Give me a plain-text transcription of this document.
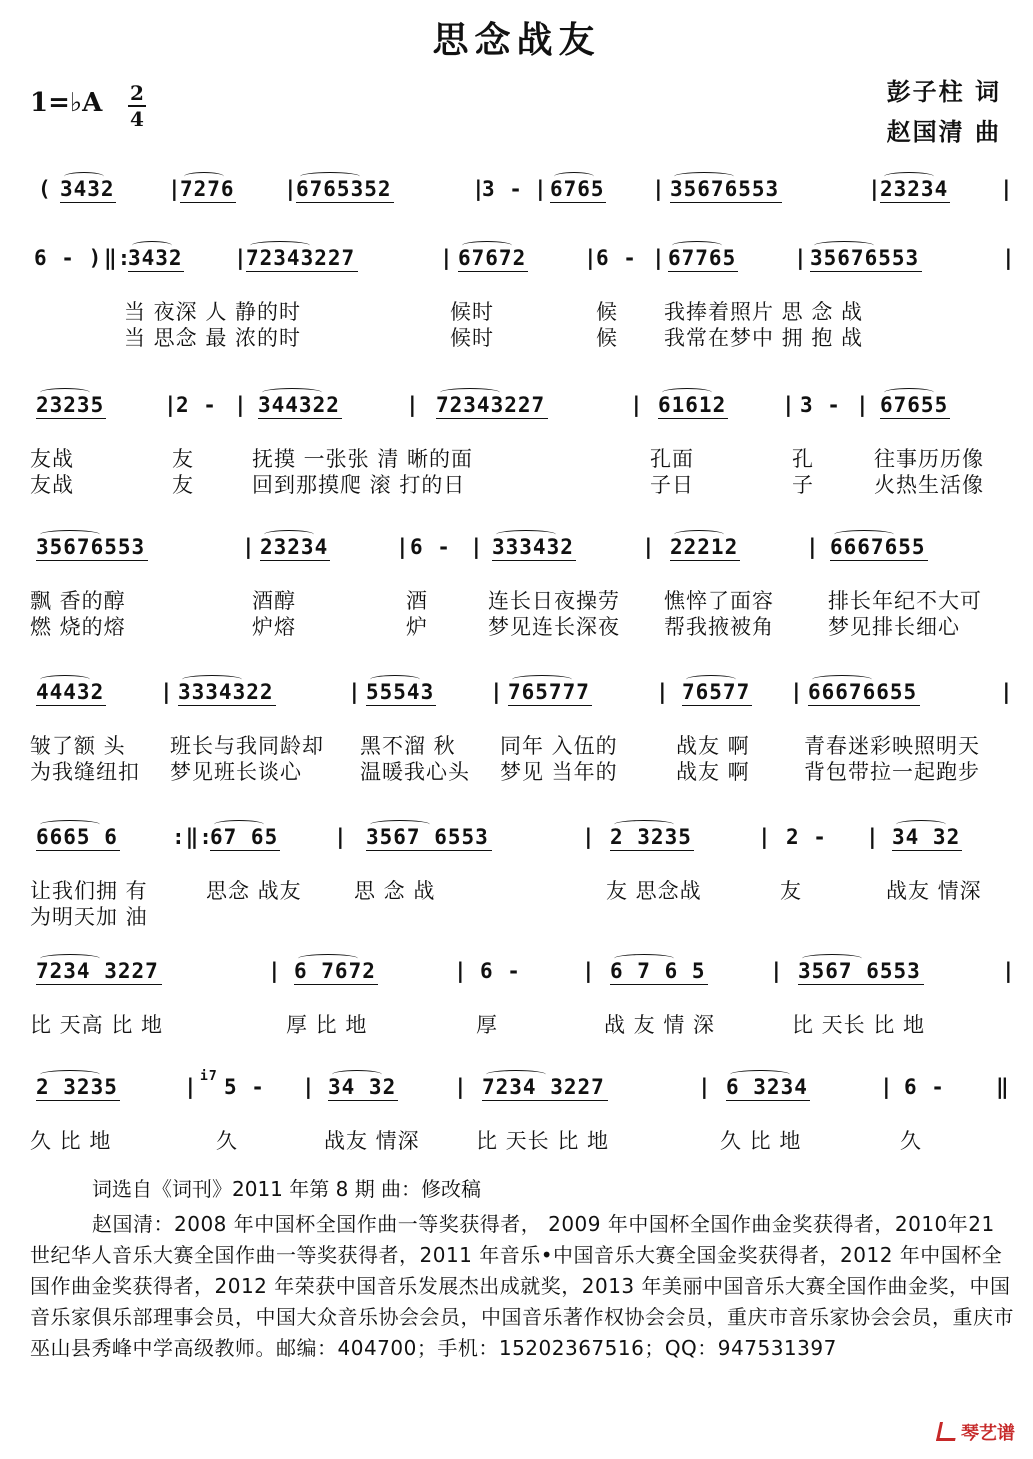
思念战友
1=♭A 2
4
彭子柱 词
赵国清 曲
( 3432	|
7276 |
6765352	|
3 - | 6765 | 35676553	|
23234 |
6 - ) ‖:
3432 |
72343227	| 67672	|
6 - | 67765	| 35676553	|
当 夜深 人 静的时	候时	候 我捧着照片 思 念 战
当 思念 最 浓的时	候时	候 我常在梦中 拥 抱 战
23235	|
2 - | 344322	| 72343227	| 61612	| 3 - | 67655
友战	友	抚摸 一张张 清 晰的面	孔面	孔	往事历历像
友战	友	回到那摸爬 滚 打的日	子日	子	火热生活像
35676553	| 23234	| 6 - | 333432	| 22212	| 6667655
飘 香的醇	酒醇	酒	连长日夜操劳 憔悴了面容	排长年纪不大可
燃 烧的熔	炉熔	炉	梦见连长深夜 帮我掖被角	梦见排长细心
44432	| 3334322	| 55543	| 765777	| 76577 | 66676655	|
皱了额 头 班长与我同龄却 黑不溜 秋 同年 入伍的	战友 啊	青春迷彩映照明天
为我缝纽扣 梦见班长谈心	温暖我心头 梦见 当年的	战友 啊	背包带拉一起跑步
6665 6	:‖:
67 65	| 3567 6553	| 2 3235	| 2 - | 34 32
让我们拥 有	思念 战友 思 念 战	友 思念战	友	战友 情深
为明天加 油
7234 3227	| 6 7672	| 6 -	| 6 7 6 5	| 3567 6553	|
比 天高 比 地	厚 比 地	厚	战 友 情 深	比 天长 比 地
2 3235	| 5 - | 34 32	| 7234 3227	| 6 3234	| 6 - ‖
i7
久 比 地	久	战友 情深	比 天长 比 地	久 比 地	久
词选自《词刊》2011 年第 8 期 曲：修改稿
赵国清：2008 年中国杯全国作曲一等奖获得者， 2009 年中国杯全国作曲金奖获得者，2010年21世纪华人音乐大赛全国作曲一等奖获得者，2011 年音乐•中国音乐大赛全国金奖获得者，2012 年中国杯全国作曲金奖获得者，2012 年荣获中国音乐发展杰出成就奖，2013 年美丽中国音乐大赛全国作曲金奖，中国音乐家俱乐部理事会员，中国大众音乐协会会员，中国音乐著作权协会会员，重庆市音乐家协会会员，重庆市巫山县秀峰中学高级教师。邮编：404700；手机：15202367516；QQ：947531397
琴艺谱
